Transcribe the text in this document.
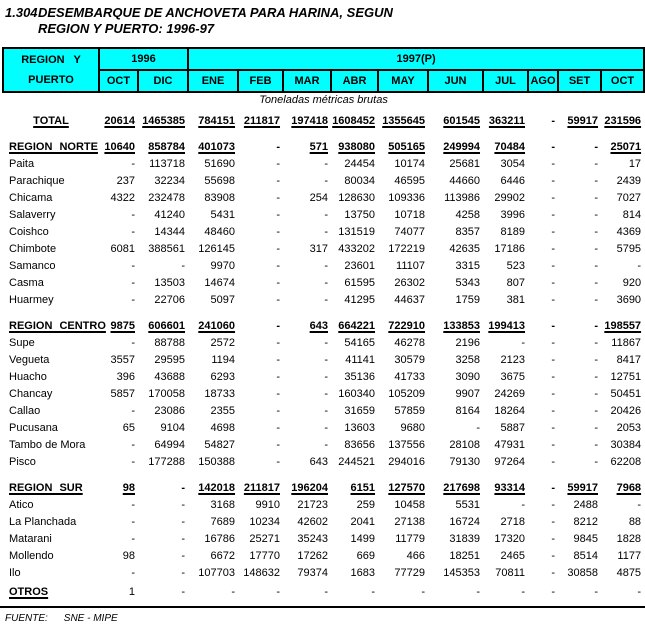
1.304 DESEMBARQUE DE ANCHOVETA PARA HARINA, SEGUN
REGION Y PUERTO: 1996-97
REGION Y
PUERTO	1996		1997(P)									
	OCT	DIC	ENE	FEB	MAR	ABR	MAY	JUN	JUL	AGO	SET	OCT
Toneladas métricas brutas												
TOTAL	20614	1465385	784151	211817	197418	1608452	1355645	601545	363211	-	59917	231596
REGION NORTE	10640	858784	401073	-	571	938080	505165	249994	70484	-	-	25071
Paita	-	113718	51690	-	-	24454	10174	25681	3054	-	-	17
Parachique	237	32234	55698	-	-	80034	46595	44660	6446	-	-	2439
Chicama	4322	232478	83908	-	254	128630	109336	113986	29902	-	-	7027
Salaverry	-	41240	5431	-	-	13750	10718	4258	3996	-	-	814
Coishco	-	14344	48460	-	-	131519	74077	8357	8189	-	-	4369
Chimbote	6081	388561	126145	-	317	433202	172219	42635	17186	-	-	5795
Samanco	-	-	9970	-	-	23601	11107	3315	523	-	-	-
Casma	-	13503	14674	-	-	61595	26302	5343	807	-	-	920
Huarmey	-	22706	5097	-	-	41295	44637	1759	381	-	-	3690
REGION CENTRO	9875	606601	241060	-	643	664221	722910	133853	199413	-	-	198557
Supe	-	88788	2572	-	-	54165	46278	2196	-	-	-	11867
Vegueta	3557	29595	1194	-	-	41141	30579	3258	2123	-	-	8417
Huacho	396	43688	6293	-	-	35136	41733	3090	3675	-	-	12751
Chancay	5857	170058	18733	-	-	160340	105209	9907	24269	-	-	50451
Callao	-	23086	2355	-	-	31659	57859	8164	18264	-	-	20426
Pucusana	65	9104	4698	-	-	13603	9680	-	5887	-	-	2053
Tambo de Mora	-	64994	54827	-	-	83656	137556	28108	47931	-	-	30384
Pisco	-	177288	150388	-	643	244521	294016	79130	97264	-	-	62208
REGION SUR	98	-	142018	211817	196204	6151	127570	217698	93314	-	59917	7968
Atico	-	-	3168	9910	21723	259	10458	5531	-	-	2488	-
La Planchada	-	-	7689	10234	42602	2041	27138	16724	2718	-	8212	88
Matarani	-	-	16786	25271	35243	1499	11779	31839	17320	-	9845	1828
Mollendo	98	-	6672	17770	17262	669	466	18251	2465	-	8514	1177
Ilo	-	-	107703	148632	79374	1683	77729	145353	70811	-	30858	4875
OTROS	1	-	-	-	-	-	-	-	-	-	-	-
FUENTE: SNE - MIPE
